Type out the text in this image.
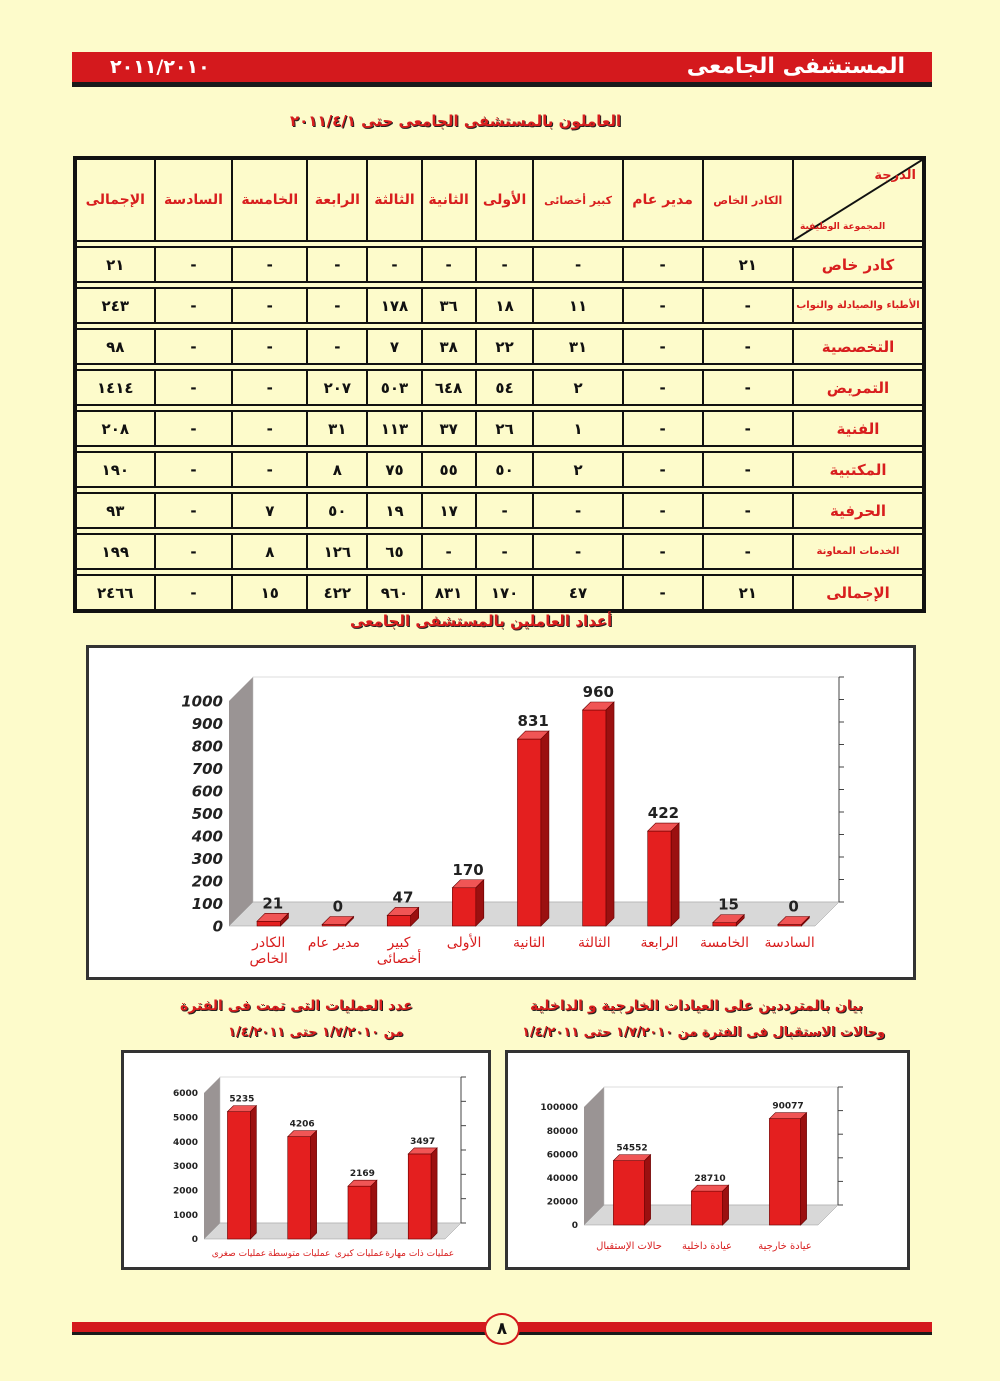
٢٠١١/٢٠١٠	المستشفى الجامعى
العاملون بالمستشفى الجامعى حتى ٢٠١١/٤/١
الدرجة
المجموعة الوظيفية	الكادر الخاص	مدير عام	كبير أخصائى	الأولى	الثانية	الثالثة	الرابعة	الخامسة	السادسة	الإجمالى

كادر خاص	٢١	-	-	-	-	-	-	-	-	٢١

الأطباء والصيادلة والنواب	-	-	١١	١٨	٣٦	١٧٨	-	-	-	٢٤٣

التخصصية	-	-	٣١	٢٢	٣٨	٧	-	-	-	٩٨

التمريض	-	-	٢	٥٤	٦٤٨	٥٠٣	٢٠٧	-	-	١٤١٤

الفنية	-	-	١	٢٦	٣٧	١١٣	٣١	-	-	٢٠٨

المكتبية	-	-	٢	٥٠	٥٥	٧٥	٨	-	-	١٩٠

الحرفية	-	-	-	-	١٧	١٩	٥٠	٧	-	٩٣

الخدمات المعاونة	-	-	-	-	-	٦٥	١٢٦	٨	-	١٩٩

الإجمالى	٢١	-	٤٧	١٧٠	٨٣١	٩٦٠	٤٢٢	١٥	-	٢٤٦٦
أعداد العاملين بالمستشفى الجامعى
0
100
200
300
400
500
600
700
800
900
1000
21
الكادر
الخاص
0
مدير عام
47
كبير
أخصائى
170
الأولى
831
الثانية
960
الثالثة
422
الرابعة
15
الخامسة
0
السادسة
عدد العمليات التى تمت فى الفترة
من ١/٧/٢٠١٠ حتى ١/٤/٢٠١١
بيان بالمترددين على العيادات الخارجية و الداخلية
وحالات الاستقبال فى الفترة من ١/٧/٢٠١٠ حتى ١/٤/٢٠١١
0
1000
2000
3000
4000
5000
6000
5235
عمليات صغرى
4206
عمليات متوسطة
2169
عمليات كبرى
3497
عمليات ذات مهارة
0
20000
40000
60000
80000
100000
54552
حالات الإستقبال
28710
عيادة داخلية
90077
عيادة خارجية
٨
